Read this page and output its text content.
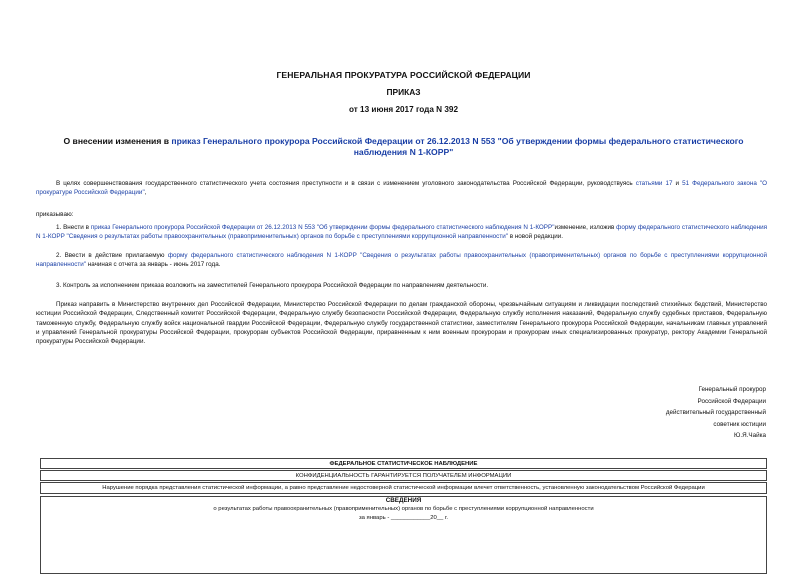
ГЕНЕРАЛЬНАЯ ПРОКУРАТУРА РОССИЙСКОЙ ФЕДЕРАЦИИ
ПРИКАЗ
от 13 июня 2017 года N 392
О внесении изменения в приказ Генерального прокурора Российской Федерации от 26.12.2013 N 553 "Об утверждении формы федерального статистического наблюдения N 1-КОРР"
В целях совершенствования государственного статистического учета состояния преступности и в связи с изменением уголовного законодательства Российской Федерации, руководствуясь статьями 17 и 51 Федерального закона "О прокуратуре Российской Федерации",
приказываю:
1. Внести в приказ Генерального прокурора Российской Федерации от 26.12.2013 N 553 "Об утверждении формы федерального статистического наблюдения N 1-КОРР"изменение, изложив форму федерального статистического наблюдения N 1-КОРР "Сведения о результатах работы правоохранительных (правоприменительных) органов по борьбе с преступлениями коррупционной направленности" в новой редакции.
2. Ввести в действие прилагаемую форму федерального статистического наблюдения N 1-КОРР "Сведения о результатах работы правоохранительных (правоприменительных) органов по борьбе с преступлениями коррупционной направленности" начиная с отчета за январь - июнь 2017 года.
3. Контроль за исполнением приказа возложить на заместителей Генерального прокурора Российской Федерации по направлениям деятельности.
Приказ направить в Министерство внутренних дел Российской Федерации, Министерство Российской Федерации по делам гражданской обороны, чрезвычайным ситуациям и ликвидации последствий стихийных бедствий, Министерство юстиции Российской Федерации, Следственный комитет Российской Федерации, Федеральную службу безопасности Российской Федерации, Федеральную службу исполнения наказаний, Федеральную службу судебных приставов, Федеральную таможенную службу, Федеральную службу войск национальной гвардии Российской Федерации, Федеральную службу государственной статистики, заместителям Генерального прокурора Российской Федерации, начальникам главных управлений и управлений Генеральной прокуратуры Российской Федерации, прокурорам субъектов Российской Федерации, приравненным к ним военным прокурорам и прокурорам иных специализированных прокуратур, ректору Академии Генеральной прокуратуры Российской Федерации.
Генеральный прокурор
Российской Федерации
действительный государственный
советник юстиции
Ю.Я.Чайка
ФЕДЕРАЛЬНОЕ СТАТИСТИЧЕСКОЕ НАБЛЮДЕНИЕ
КОНФИДЕНЦИАЛЬНОСТЬ ГАРАНТИРУЕТСЯ ПОЛУЧАТЕЛЕМ ИНФОРМАЦИИ
Нарушение порядка представления статистической информации, а равно представление недостоверной статистической информации влечет ответственность, установленную законодательством Российской Федерации
СВЕДЕНИЯ
о результатах работы правоохранительных (правоприменительных) органов по борьбе с преступлениями коррупционной направленности
за январь - ____________20__ г.
